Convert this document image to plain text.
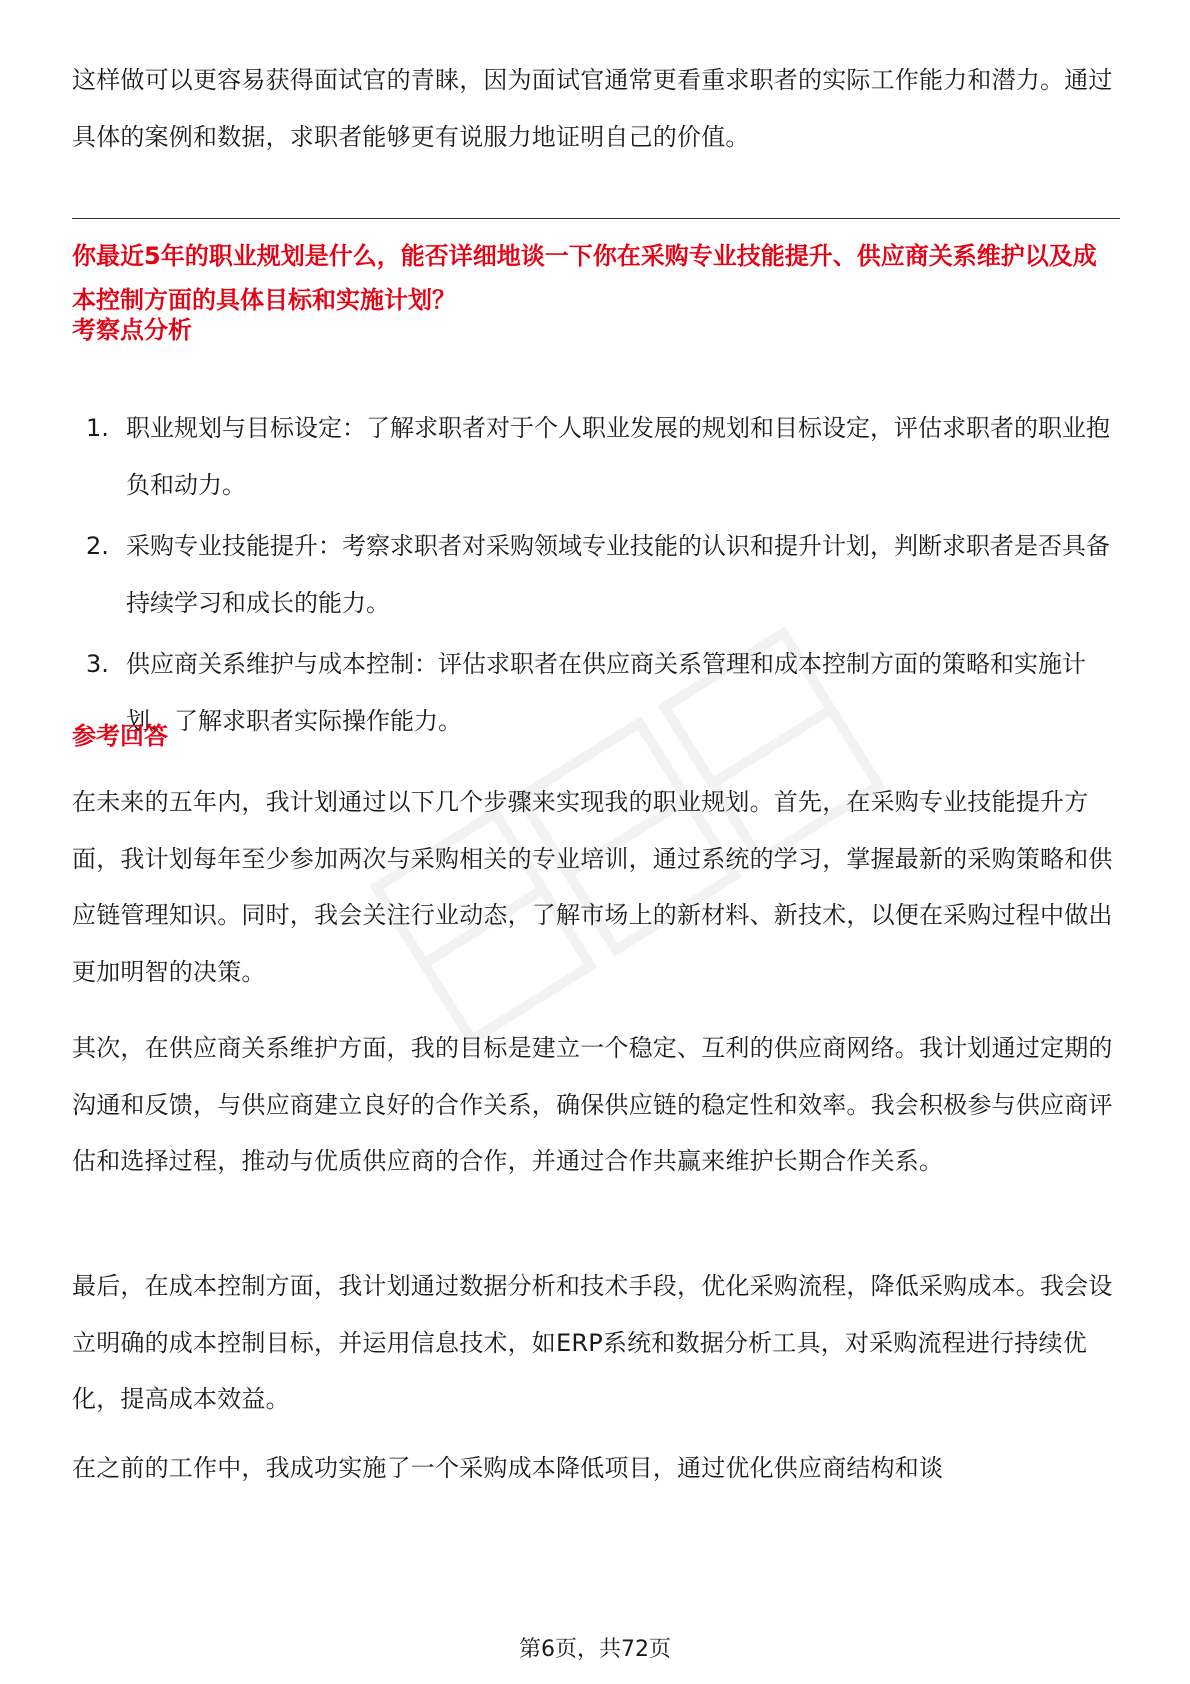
这样做可以更容易获得面试官的青睐，因为面试官通常更看重求职者的实际工作能力和潜力。通过具体的案例和数据，求职者能够更有说服力地证明自己的价值。

你最近5年的职业规划是什么，能否详细地谈一下你在采购专业技能提升、供应商关系维护以及成本控制方面的具体目标和实施计划？

考察点分析
1. 职业规划与目标设定：了解求职者对于个人职业发展的规划和目标设定，评估求职者的职业抱负和动力。
2. 采购专业技能提升：考察求职者对采购领域专业技能的认识和提升计划，判断求职者是否具备持续学习和成长的能力。
3. 供应商关系维护与成本控制：评估求职者在供应商关系管理和成本控制方面的策略和实施计划，了解求职者实际操作能力。
参考回答

在未来的五年内，我计划通过以下几个步骤来实现我的职业规划。首先，在采购专业技能提升方面，我计划每年至少参加两次与采购相关的专业培训，通过系统的学习，掌握最新的采购策略和供应链管理知识。同时，我会关注行业动态，了解市场上的新材料、新技术，以便在采购过程中做出更加明智的决策。

其次，在供应商关系维护方面，我的目标是建立一个稳定、互利的供应商网络。我计划通过定期的沟通和反馈，与供应商建立良好的合作关系，确保供应链的稳定性和效率。我会积极参与供应商评估和选择过程，推动与优质供应商的合作，并通过合作共赢来维护长期合作关系。

最后，在成本控制方面，我计划通过数据分析和技术手段，优化采购流程，降低采购成本。我会设立明确的成本控制目标，并运用信息技术，如ERP系统和数据分析工具，对采购流程进行持续优化，提高成本效益。

在之前的工作中，我成功实施了一个采购成本降低项目，通过优化供应商结构和谈

第6页，共72页
